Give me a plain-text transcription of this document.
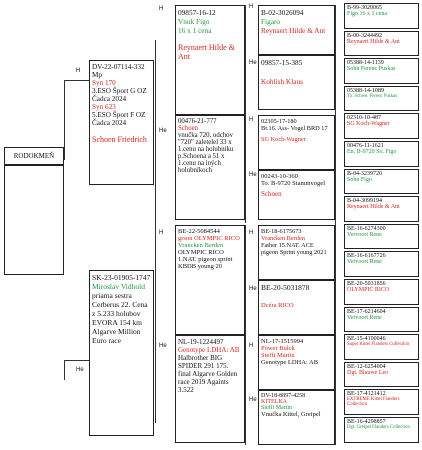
H
He
H
He
H
He
H
He
H
He
H
He
H
He
RODOKMEŇ
DV-22-07114-332
Mp
Syn 170
3.ESO Šport G OZ Čadca 2024
Syn 623
5.ESO Šport F OZ Čadca 2024
Schoen Friedrich
SK-23-01905-1747
Miroslav Vidhold
priama sestra Cerberus 22. Cena z 5.233 holubov EVORA 154 km Algarve Million Euro race
09857-16-12
Vnuk Figo
16 x 1 cena
Reynaert Hilde & Ant
00476-21-777
Schoen
vnučka 720, odchov "720" zaletelel 33 x 1.cenu na holubníku p.Schoena a 51 x 1.cenu na iných holubníkoch
BE-22-5084544
grson OLYMPIC RICO
Vrancken Berden
OLYMPIC RICO 1.NAT. pigeon sprint KBDB young 20
NL-19-1224497
Genotype LDHA: AB
Halbrother BIG SPIDER 291 175. final Algarve Golden race 2019 Againts 3.522
B-02-3026094
Figaro
Reynaert Hilde & Ant
09857-15-385
Kohlish Klaus
02305-17-180
Br.16. Ass- Vogel BRD 17
SG Koch-Wagner
00243-10-360
To. B-9720 Stammvogel
Schoen
BE-18-6175673
Vrancken Berden
Father 15.NAT. ACE pigeon Sprint young 2021
BE-20-5031878
Dcéra RICO
NL-17-1515994
Power Bulck
Steffi Martin
Genotype LDHA: AB
DV-18-8897-4258
KITELKA
Steffi Martin
Vnučka Kittel, Greipel
B-99-3020065
Figo 16 x 1 cena
B-00-3244492
Reynaert Hilde & Ant
05388-14-1139
Sohn Ferenc Puskas
05388-14-1089
To. Schwe. Ferenc Puskas
02310-10-487
SG Koch-Wagner
00476-11-1621
En. B-9720 So. Figo
B-04-3239720
Sohn Figo
B-04-3099194
Reynaert Hilde & Ant
BE-16-6274300
Vervoort Rene
BE-16-6167726
Vervoort Rene
BE-20-5031856
OLYMPIC RICO
BE-17-6214604
Vervoort Rene
BE-15-4100046
Super Kittel Flanders Collection
BE-12-6254004
Dgt. Blauwe Leo
BE-17-4121412
EXTREME Kittel Flanders Collection
BE-16-4298857
Dgt. Greipel Flanders Collection
